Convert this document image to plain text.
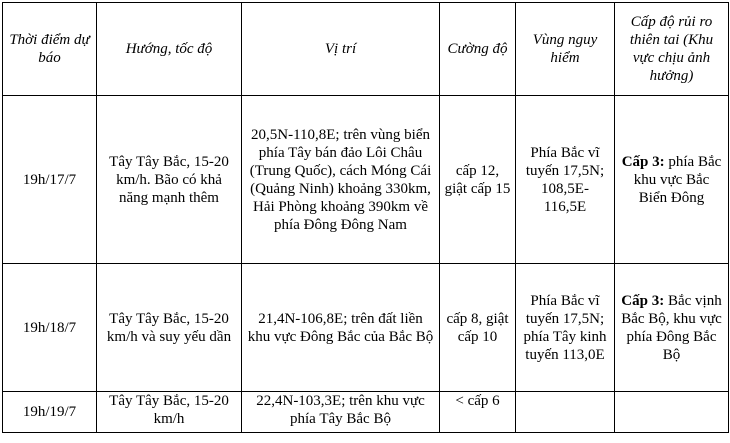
Thời điểm dự báo	Hướng, tốc độ	Vị trí	Cường độ	Vùng nguy hiểm	Cấp độ rủi ro thiên tai (Khu vực chịu ảnh hưởng)
19h/17/7	Tây Tây Bắc, 15-20 km/h. Bão có khả năng mạnh thêm	20,5N-110,8E; trên vùng biển phía Tây bán đảo Lôi Châu (Trung Quốc), cách Móng Cái (Quảng Ninh) khoảng 330km, Hải Phòng khoảng 390km về phía Đông Đông Nam	cấp 12, giật cấp 15	Phía Bắc vĩ tuyến 17,5N; 108,5E-116,5E	Cấp 3: phía Bắc khu vực Bắc Biển Đông
19h/18/7	Tây Tây Bắc, 15-20 km/h và suy yếu dần	21,4N-106,8E; trên đất liền khu vực Đông Bắc của Bắc Bộ	cấp 8, giật cấp 10	Phía Bắc vĩ tuyến 17,5N; phía Tây kinh tuyến 113,0E	Cấp 3: Bắc vịnh Bắc Bộ, khu vực phía Đông Bắc Bộ
19h/19/7	Tây Tây Bắc, 15-20 km/h	22,4N-103,3E; trên khu vực phía Tây Bắc Bộ	< cấp 6		
